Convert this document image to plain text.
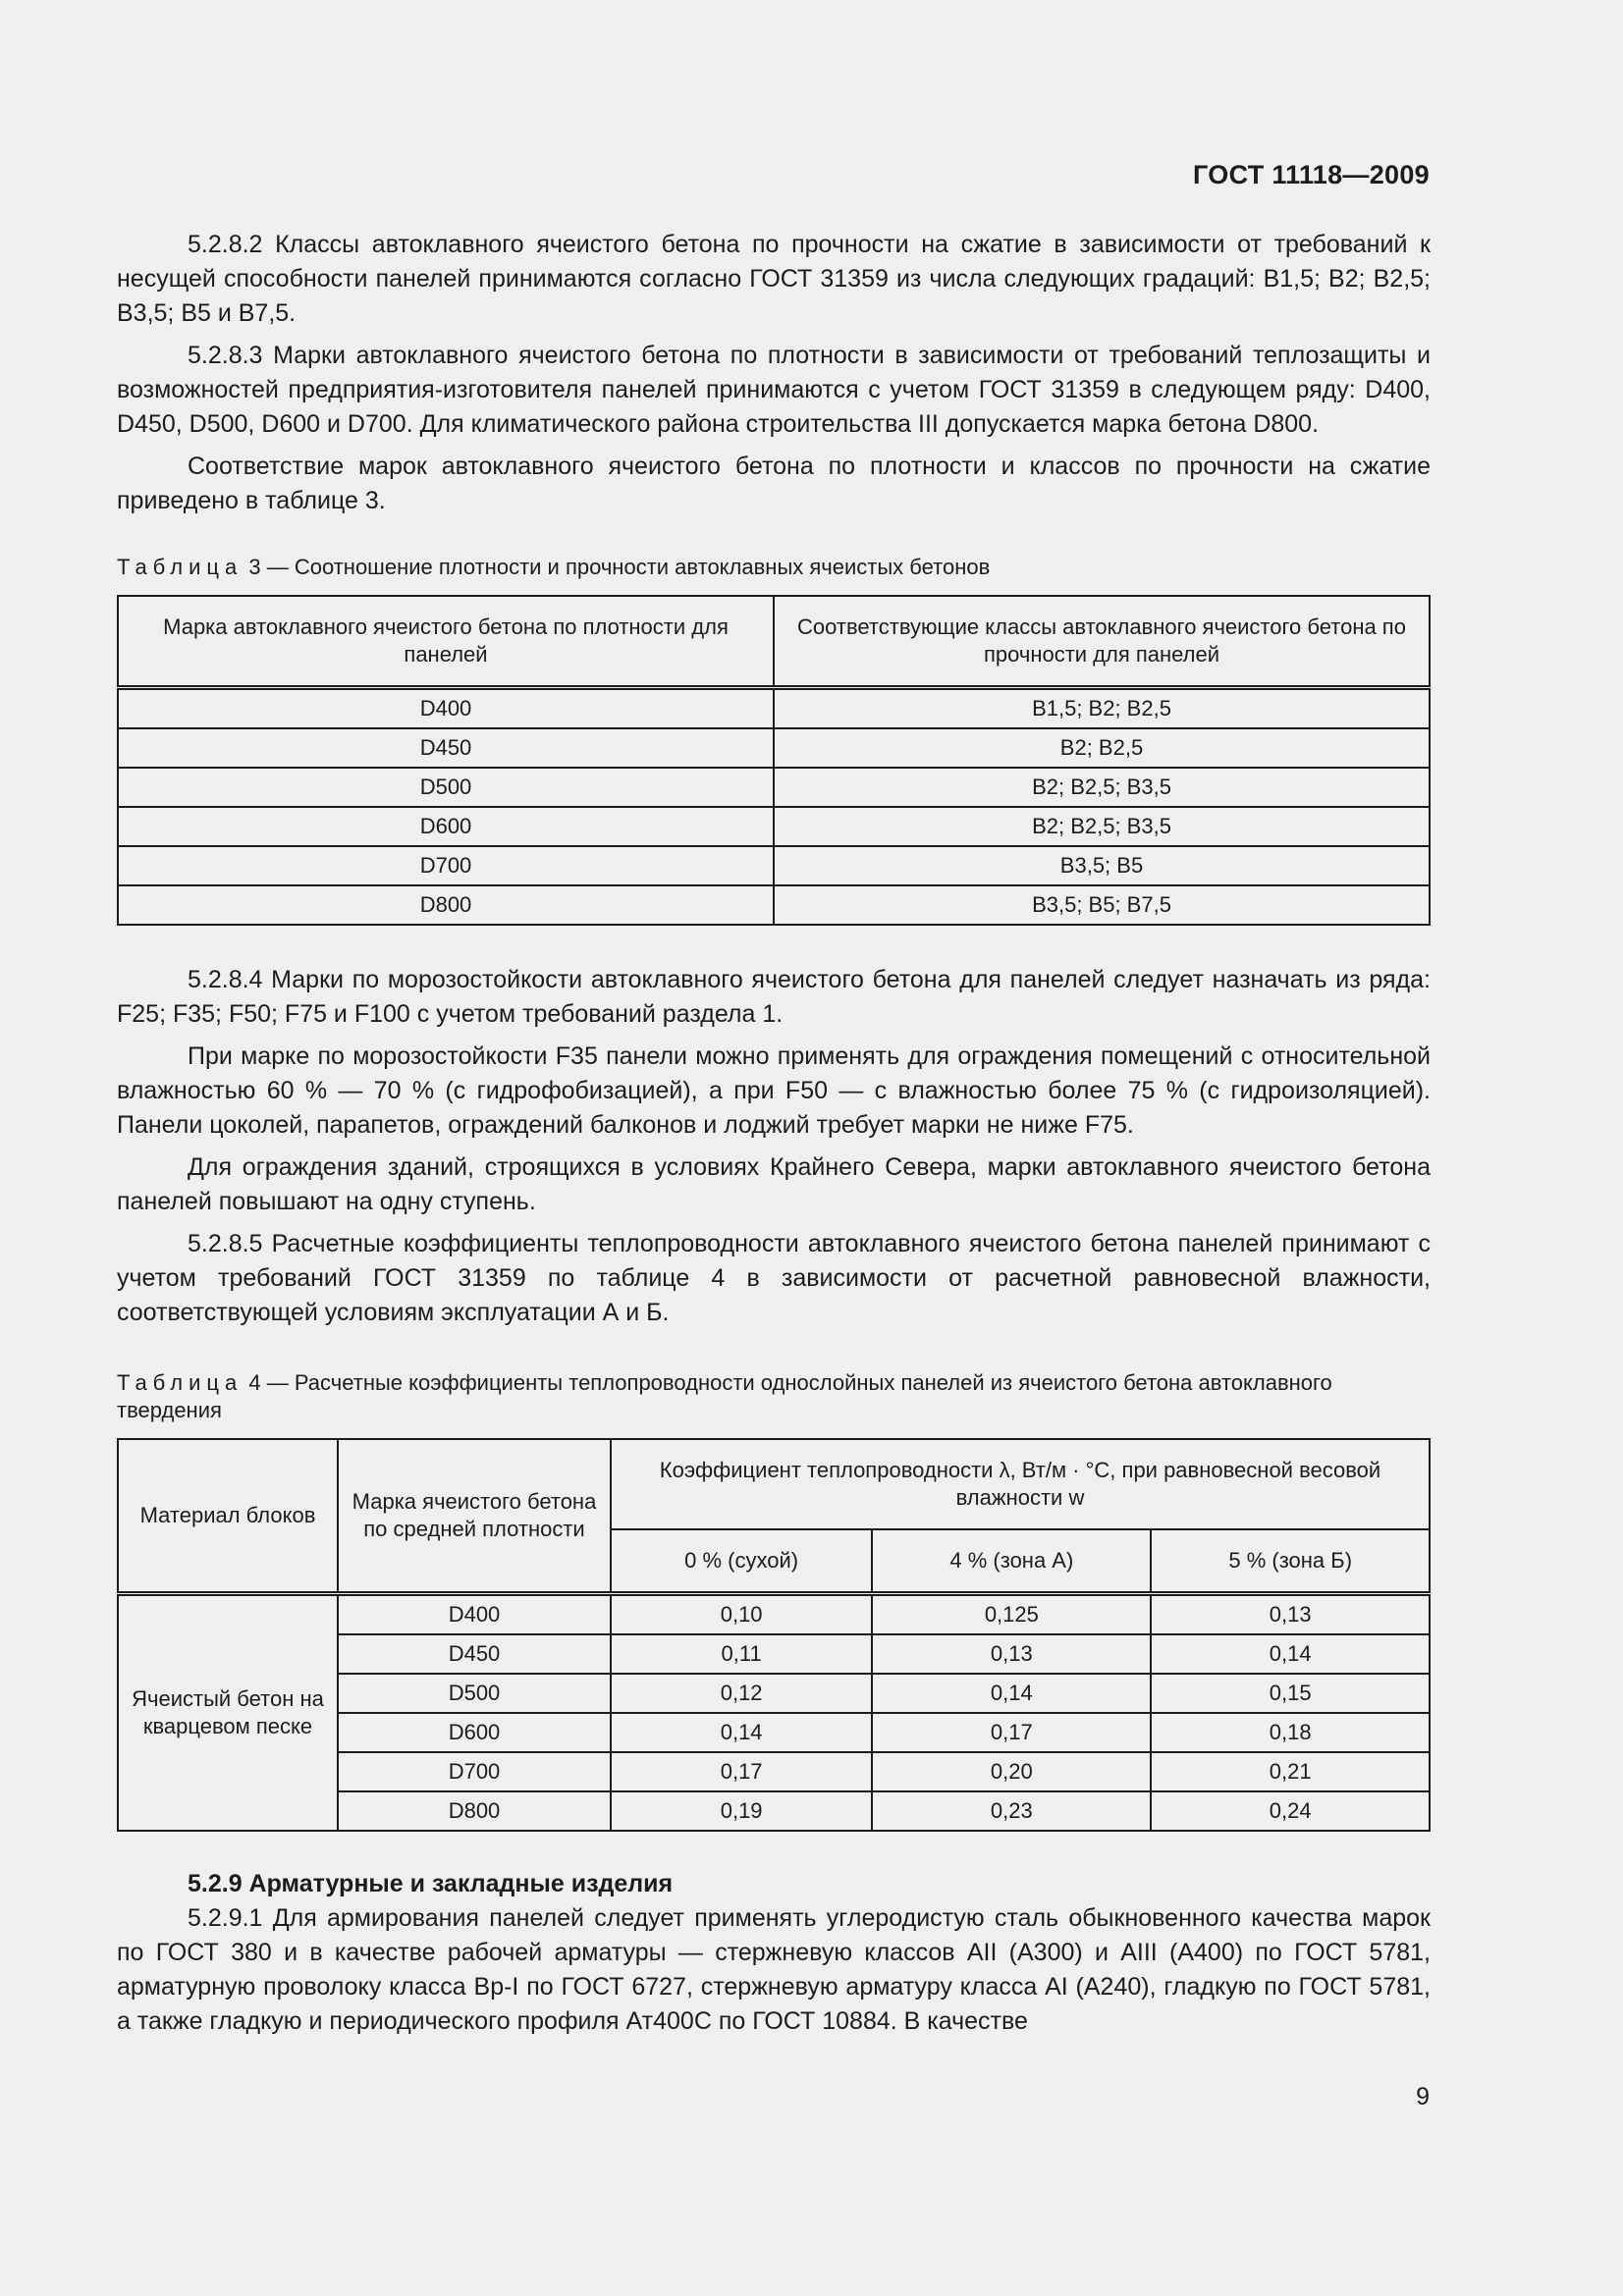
ГОСТ 11118—2009

5.2.8.2 Классы автоклавного ячеистого бетона по прочности на сжатие в зависимости от требований к несущей способности панелей принимаются согласно ГОСТ 31359 из числа следующих градаций: В1,5; В2; В2,5; В3,5; В5 и В7,5.

5.2.8.3 Марки автоклавного ячеистого бетона по плотности в зависимости от требований теплозащиты и возможностей предприятия-изготовителя панелей принимаются с учетом ГОСТ 31359 в следующем ряду: D400, D450, D500, D600 и D700. Для климатического района строительства III допускается марка бетона D800.

Соответствие марок автоклавного ячеистого бетона по плотности и классов по прочности на сжатие приведено в таблице 3.

Таблица 3 — Соотношение плотности и прочности автоклавных ячеистых бетонов

Марка автоклавного ячеистого бетона по плотности для панелей	Соответствующие классы автоклавного ячеистого бетона по прочности для панелей
D400	В1,5; В2; В2,5
D450	В2; В2,5
D500	В2; В2,5; В3,5
D600	В2; В2,5; В3,5
D700	В3,5; В5
D800	В3,5; В5; В7,5

5.2.8.4 Марки по морозостойкости автоклавного ячеистого бетона для панелей следует назначать из ряда: F25; F35; F50; F75 и F100 с учетом требований раздела 1.

При марке по морозостойкости F35 панели можно применять для ограждения помещений с относительной влажностью 60 % — 70 % (с гидрофобизацией), а при F50 — с влажностью более 75 % (с гидроизоляцией). Панели цоколей, парапетов, ограждений балконов и лоджий требует марки не ниже F75.

Для ограждения зданий, строящихся в условиях Крайнего Севера, марки автоклавного ячеистого бетона панелей повышают на одну ступень.

5.2.8.5 Расчетные коэффициенты теплопроводности автоклавного ячеистого бетона панелей принимают с учетом требований ГОСТ 31359 по таблице 4 в зависимости от расчетной равновесной влажности, соответствующей условиям эксплуатации А и Б.

Таблица 4 — Расчетные коэффициенты теплопроводности однослойных панелей из ячеистого бетона автоклавного твердения

Материал блоков	Марка ячеистого бетона по средней плотности	Коэффициент теплопроводности λ, Вт/м · °С, при равновесной весовой влажности w		
		0 % (сухой)	4 % (зона А)	5 % (зона Б)
Ячеистый бетон на кварцевом песке	D400	0,10	0,125	0,13
	D450	0,11	0,13	0,14
	D500	0,12	0,14	0,15
	D600	0,14	0,17	0,18
	D700	0,17	0,20	0,21
	D800	0,19	0,23	0,24

5.2.9 Арматурные и закладные изделия

5.2.9.1 Для армирования панелей следует применять углеродистую сталь обыкновенного качества марок по ГОСТ 380 и в качестве рабочей арматуры — стержневую классов АII (А300) и АIII (А400) по ГОСТ 5781, арматурную проволоку класса Вр-I по ГОСТ 6727, стержневую арматуру класса АI (А240), гладкую по ГОСТ 5781, а также гладкую и периодического профиля Ат400С по ГОСТ 10884. В качестве

9
